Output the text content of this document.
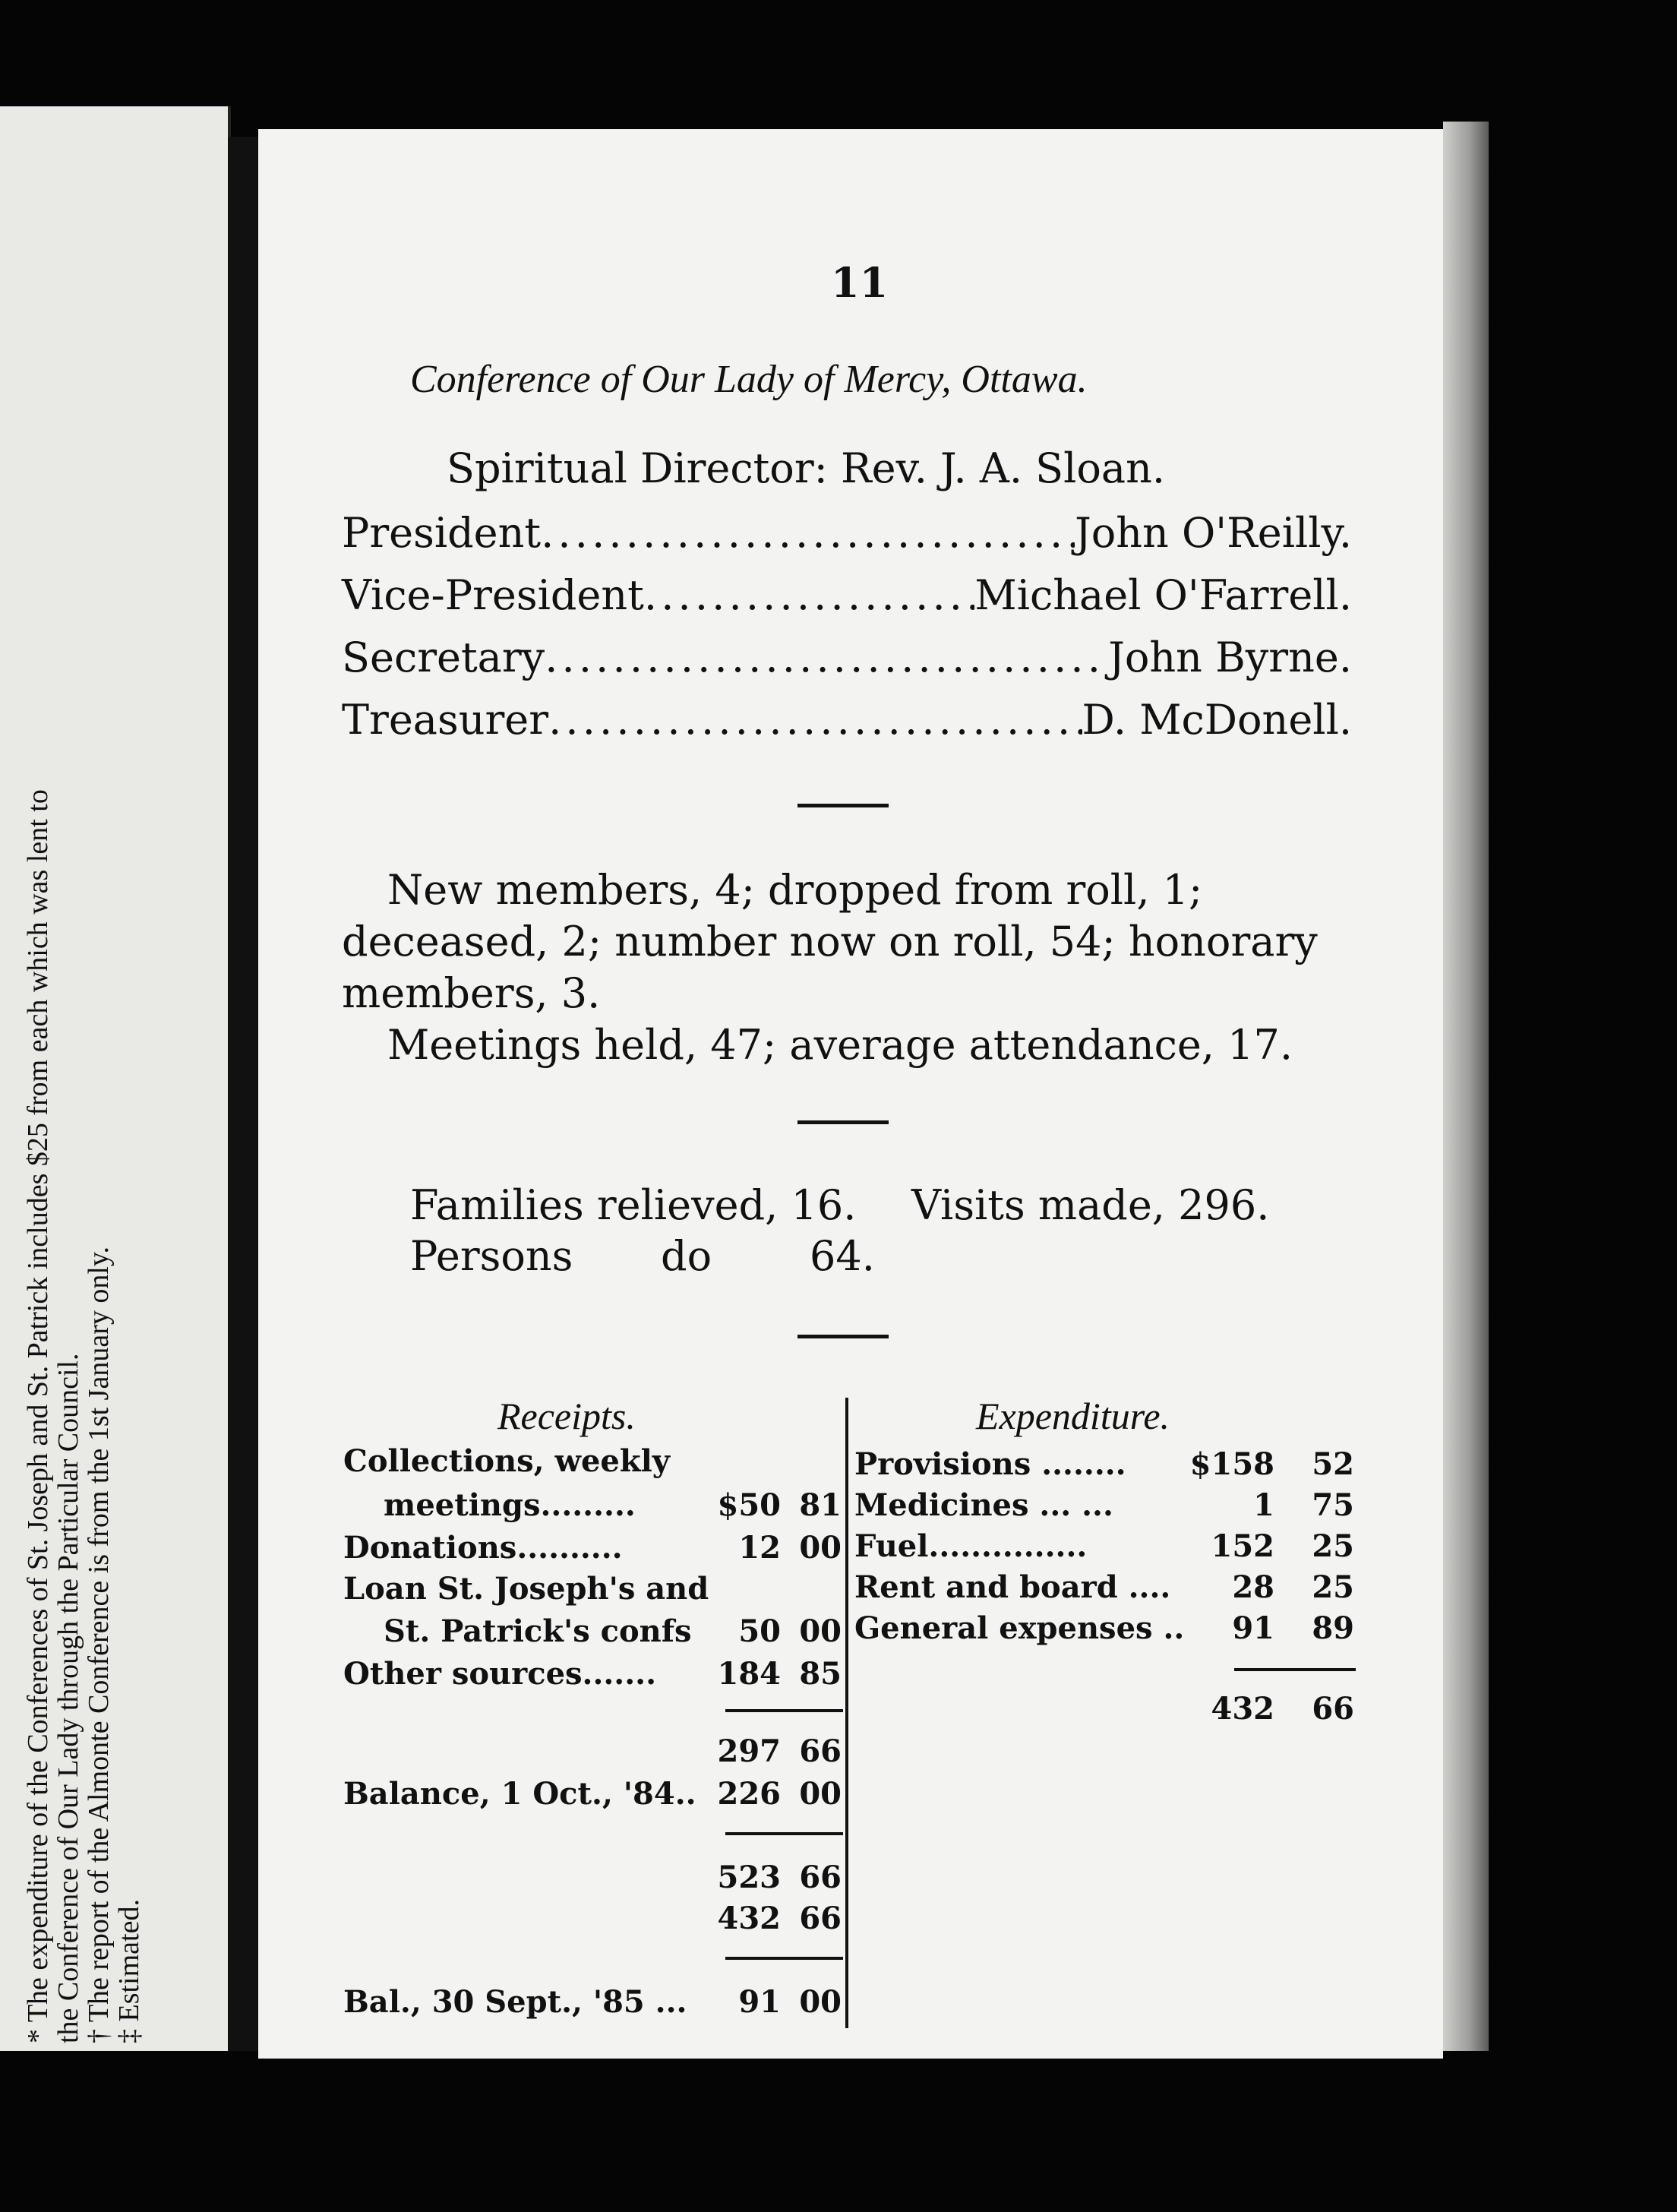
* The expenditure of the Conferences of St. Joseph and St. Patrick includes $25 from each which was lent to
the Conference of Our Lady through the Particular Council.
† The report of the Almonte Conference is from the 1st January only.
‡ Estimated.
11
Conference of Our Lady of Mercy, Ottawa.
Spiritual Director: Rev. J. A. Sloan.
President . . .	John O'Reilly.
Vice-President . . .	Michael O'Farrell.
Secretary . . .	John Byrne.
Treasurer . . .	D. McDonell.
New members, 4; dropped from roll, 1;
deceased, 2; number now on roll, 54; honorary
members, 3.
Meetings held, 47; average attendance, 17.
Families relieved, 16. Visits made, 296.
Persons do 64.
Receipts.	Expenditure.
Collections, weekly
meetings.........	$50 81
Donations..........	12 00
Loan St. Joseph's and
St. Patrick's confs 50 00
Other sources....... 184 85
297 66
Balance, 1 Oct., '84.. 226 00
523 66
432 66
Bal., 30 Sept., '85 ... 91 00
Provisions ........ $158 52
Medicines ... ...	1 75
Fuel...............	152 25
Rent and board .... 28 25
General expenses .. 91 89
432 66
